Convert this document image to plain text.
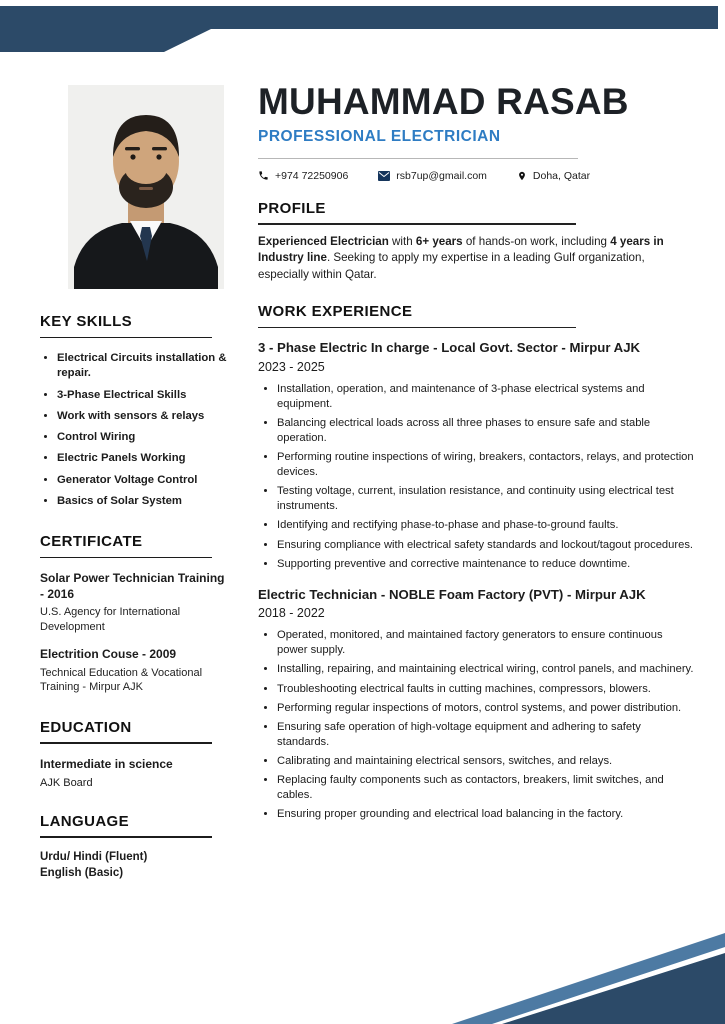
KEY SKILLS
• Electrical Circuits installation & repair.
• 3-Phase Electrical Skills
• Work with sensors & relays
• Control Wiring
• Electric Panels Working
• Generator Voltage Control
• Basics of Solar System
CERTIFICATE
Solar Power Technician Training - 2016
U.S. Agency for International Development
Electrition Couse - 2009
Technical Education & Vocational Training - Mirpur AJK
EDUCATION
Intermediate in science
AJK Board
LANGUAGE
Urdu/ Hindi (Fluent)
English (Basic)
MUHAMMAD RASAB
PROFESSIONAL ELECTRICIAN
+974 72250906	rsb7up@gmail.com	Doha, Qatar
PROFILE

Experienced Electrician with 6+ years of hands-on work, including 4 years in Industry line. Seeking to apply my expertise in a leading Gulf organization, especially within Qatar.

WORK EXPERIENCE
3 - Phase Electric In charge - Local Govt. Sector - Mirpur AJK
2023 - 2025
• Installation, operation, and maintenance of 3-phase electrical systems and equipment.
• Balancing electrical loads across all three phases to ensure safe and stable operation.
• Performing routine inspections of wiring, breakers, contactors, relays, and protection devices.
• Testing voltage, current, insulation resistance, and continuity using electrical test instruments.
• Identifying and rectifying phase-to-phase and phase-to-ground faults.
• Ensuring compliance with electrical safety standards and lockout/tagout procedures.
• Supporting preventive and corrective maintenance to reduce downtime.
Electric Technician - NOBLE Foam Factory (PVT) - Mirpur AJK
2018 - 2022
• Operated, monitored, and maintained factory generators to ensure continuous power supply.
• Installing, repairing, and maintaining electrical wiring, control panels, and machinery.
• Troubleshooting electrical faults in cutting machines, compressors, blowers.
• Performing regular inspections of motors, control systems, and power distribution.
• Ensuring safe operation of high-voltage equipment and adhering to safety standards.
• Calibrating and maintaining electrical sensors, switches, and relays.
• Replacing faulty components such as contactors, breakers, limit switches, and cables.
• Ensuring proper grounding and electrical load balancing in the factory.
